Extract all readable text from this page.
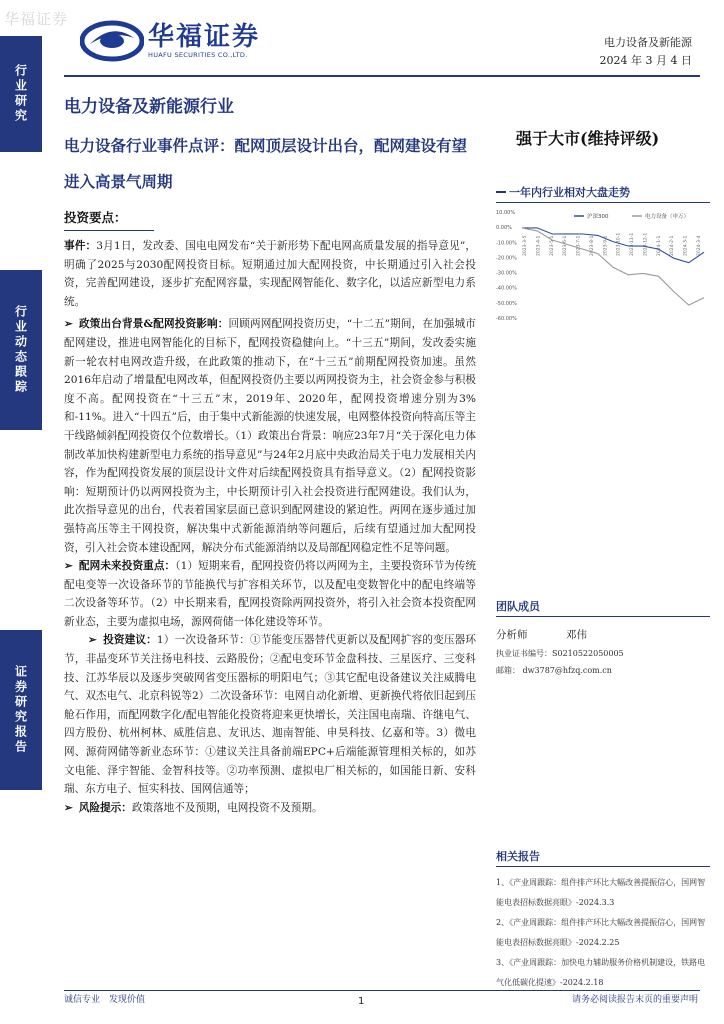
华福证券
行业研究
行业动态跟踪
证券研究报告
华福证券
HUAFU SECURITIES CO.,LTD.
电力设备及新能源
2024 年 3 月 4 日
电力设备及新能源行业
电力设备行业事件点评：配网顶层设计出台，配网建设有望进入高景气周期
强于大市(维持评级)
投资要点：

事件：3月1日，发改委、国电电网发布“关于新形势下配电网高质量发展的指导意见”，明确了2025与2030配网投资目标。短期通过加大配网投资，中长期通过引入社会投资，完善配网建设，逐步扩充配网容量，实现配网智能化、数字化，以适应新型电力系统。

➢ 政策出台背景&配网投资影响：回顾两网配网投资历史，“十二五”期间，在加强城市配网建设，推进电网智能化的目标下，配网投资稳健向上。“十三五”期间，发改委实施新一轮农村电网改造升级，在此政策的推动下，在“十三五”前期配网投资加速。虽然2016年启动了增量配电网改革，但配网投资仍主要以两网投资为主，社会资金参与积极度不高。配网投资在“十三五”末，2019年、2020年，配网投资增速分别为3%和-11%。进入“十四五”后，由于集中式新能源的快速发展，电网整体投资向特高压等主干线路倾斜配网投资仅个位数增长。（1）政策出台背景：响应23年7月“关于深化电力体制改革加快构建新型电力系统的指导意见”与24年2月底中央政治局关于电力发展相关内容，作为配网投资发展的顶层设计文件对后续配网投资具有指导意义。（2）配网投资影响：短期预计仍以两网投资为主，中长期预计引入社会投资进行配网建设。我们认为，此次指导意见的出台，代表着国家层面已意识到配网建设的紧迫性。两网在逐步通过加强特高压等主干网投资，解决集中式新能源消纳等问题后，后续有望通过加大配网投资，引入社会资本建设配网，解决分布式能源消纳以及局部配网稳定性不足等问题。

➢ 配网未来投资重点：（1）短期来看，配网投资仍将以两网为主，主要投资环节为传统配电变等一次设备环节的节能换代与扩容相关环节，以及配电变数智化中的配电终端等二次设备等环节。（2）中长期来看，配网投资除两网投资外，将引入社会资本投资配网新业态，主要为虚拟电场，源网荷储一体化建设等环节。

➢ 投资建议：1）一次设备环节：①节能变压器替代更新以及配网扩容的变压器环节，非晶变环节关注扬电科技、云路股份；②配电变环节金盘科技、三星医疗、三变科技、江苏华辰以及逐步突破网省变压器标的明阳电气；③其它配电设备建议关注威腾电气、双杰电气、北京科锐等2）二次设备环节：电网自动化新增、更新换代将依旧起到压舱石作用，而配网数字化/配电智能化投资将迎来更快增长，关注国电南瑞、许继电气、四方股份、杭州柯林、威胜信息、友讯达、迦南智能、申昊科技、亿嘉和等。3）微电网、源荷网储等新业态环节：①建议关注具备前端EPC+后端能源管理相关标的，如苏文电能、泽宇智能、金智科技等。②功率预测、虚拟电厂相关标的，如国能日新、安科瑞、东方电子、恒实科技、国网信通等；

➢ 风险提示：政策落地不及预期，电网投资不及预期。

一年内行业相对大盘走势
10.00%
0.00%
-10.00%
-20.00%
-30.00%
-40.00%
-50.00%
-60.00%
2023-3-5 2023-4-1 2023-5-1 2023-6-1 2023-7-1 2023-8-1 2023-9-1 2023-10-1 2023-11-1 2023-12-1 2024-1-1 2024-2-1 2024-3-1 2024-3-4
沪深300	电力设备（申万）
团队成员
分析师	邓伟
执业证书编号：S0210522050005
邮箱： dw3787@hfzq.com.cn
相关报告
1、《产业周跟踪：组件排产环比大幅改善提振信心，国网智能电表招标数据亮眼》-2024.3.3
2、《产业周跟踪：组件排产环比大幅改善提振信心，国网智能电表招标数据亮眼》-2024.2.25
3、《产业周跟踪：加快电力辅助服务价格机制建设，铁路电气化低碳化提速》-2024.2.18
诚信专业　发现价值	1	请务必阅读报告末页的重要声明
